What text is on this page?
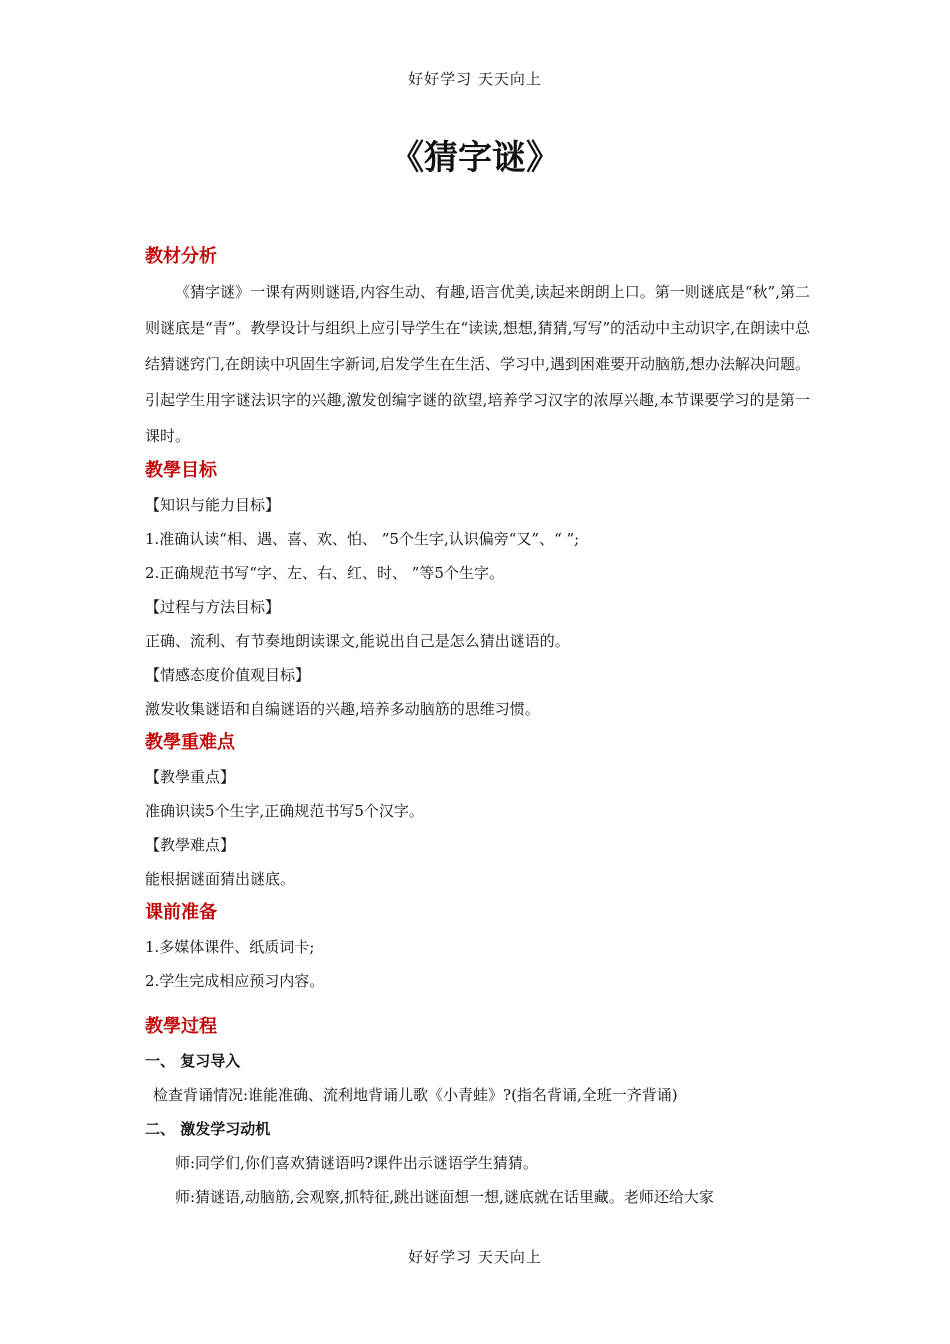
好好学习 天天向上
《猜字谜》
教材分析
《猜字谜》一课有两则谜语,内容生动、有趣,语言优美,读起来朗朗上口。第一则谜底是“秋”,第二则谜底是“青”。教學设计与组织上应引导学生在“读读,想想,猜猜,写写”的活动中主动识字,在朗读中总结猜谜窍门,在朗读中巩固生字新词,启发学生在生活、学习中,遇到困难要开动脑筋,想办法解决问题。引起学生用字谜法识字的兴趣,激发创编字谜的欲望,培养学习汉字的浓厚兴趣,本节课要学习的是第一课时。
教學目标
【知识与能力目标】
1.准确认读“相、遇、喜、欢、怕、 ”5个生字,认识偏旁“又”、“ ”;
2.正确规范书写“字、左、右、红、时、 ”等5个生字。
【过程与方法目标】
正确、流利、有节奏地朗读课文,能说出自己是怎么猜出谜语的。
【情感态度价值观目标】
激发收集谜语和自编谜语的兴趣,培养多动脑筋的思维习惯。
教學重难点
【教學重点】
准确识读5个生字,正确规范书写5个汉字。
【教學难点】
能根据谜面猜出谜底。
课前准备
1.多媒体课件、纸质词卡;
2.学生完成相应预习内容。
教學过程
一、 复习导入
检查背诵情况:谁能准确、流利地背诵儿歌《小青蛙》?(指名背诵,全班一齐背诵)
二、 激发学习动机
师:同学们,你们喜欢猜谜语吗?课件出示谜语学生猜猜。
师:猜谜语,动脑筋,会观察,抓特征,跳出谜面想一想,谜底就在话里藏。老师还给大家
好好学习 天天向上
